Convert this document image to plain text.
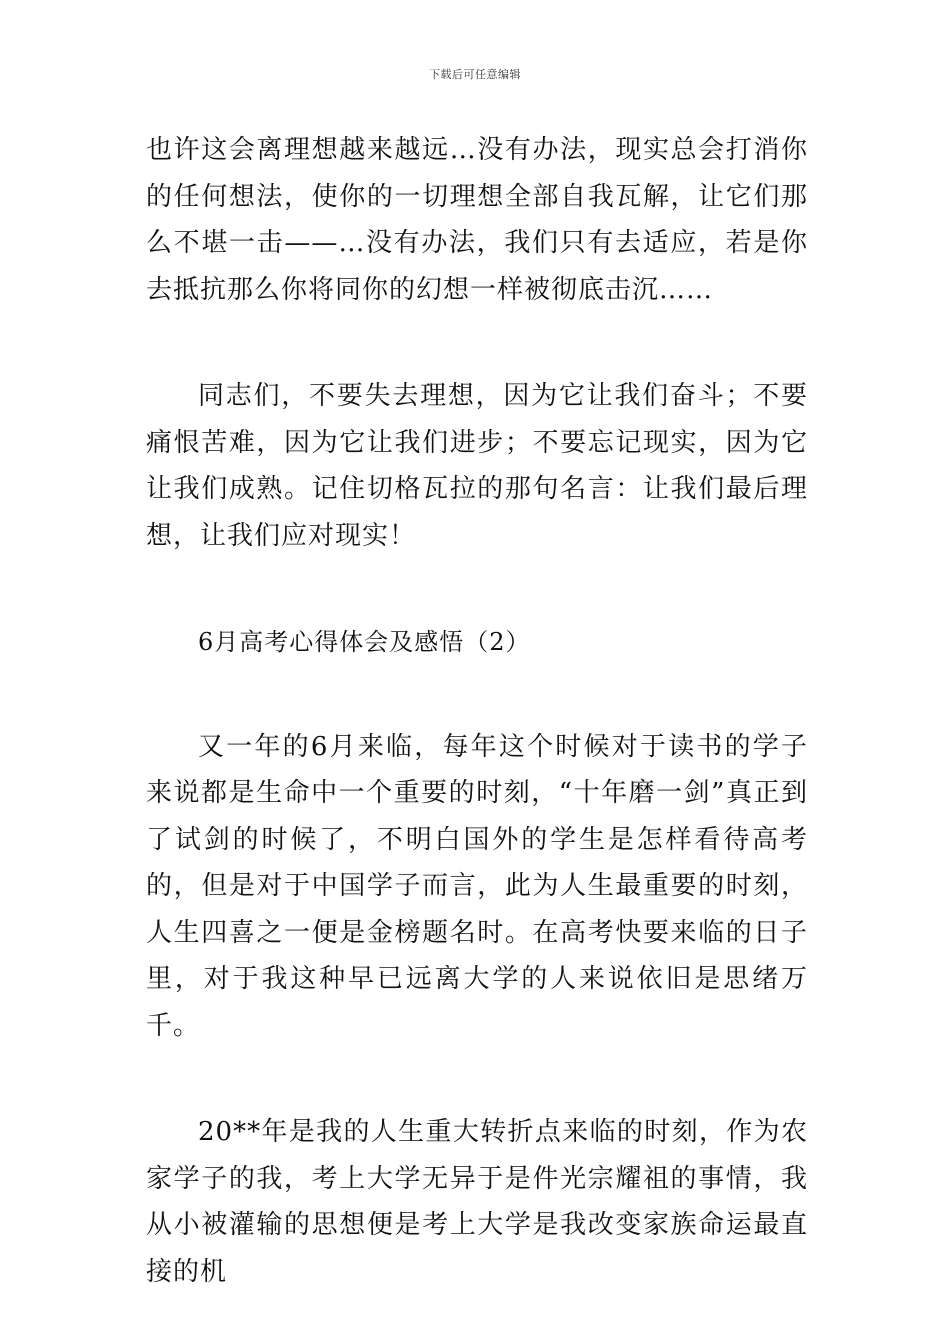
下载后可任意编辑

也许这会离理想越来越远…没有办法，现实总会打消你的任何想法，使你的一切理想全部自我瓦解，让它们那么不堪一击——…没有办法，我们只有去适应，若是你去抵抗那么你将同你的幻想一样被彻底击沉……

同志们，不要失去理想，因为它让我们奋斗；不要痛恨苦难，因为它让我们进步；不要忘记现实，因为它让我们成熟。记住切格瓦拉的那句名言：让我们最后理想，让我们应对现实！

6月高考心得体会及感悟（2）

又一年的6月来临，每年这个时候对于读书的学子来说都是生命中一个重要的时刻，“十年磨一剑”真正到了试剑的时候了，不明白国外的学生是怎样看待高考的，但是对于中国学子而言，此为人生最重要的时刻，人生四喜之一便是金榜题名时。在高考快要来临的日子里，对于我这种早已远离大学的人来说依旧是思绪万千。

20**年是我的人生重大转折点来临的时刻，作为农家学子的我，考上大学无异于是件光宗耀祖的事情，我从小被灌输的思想便是考上大学是我改变家族命运最直接的机
